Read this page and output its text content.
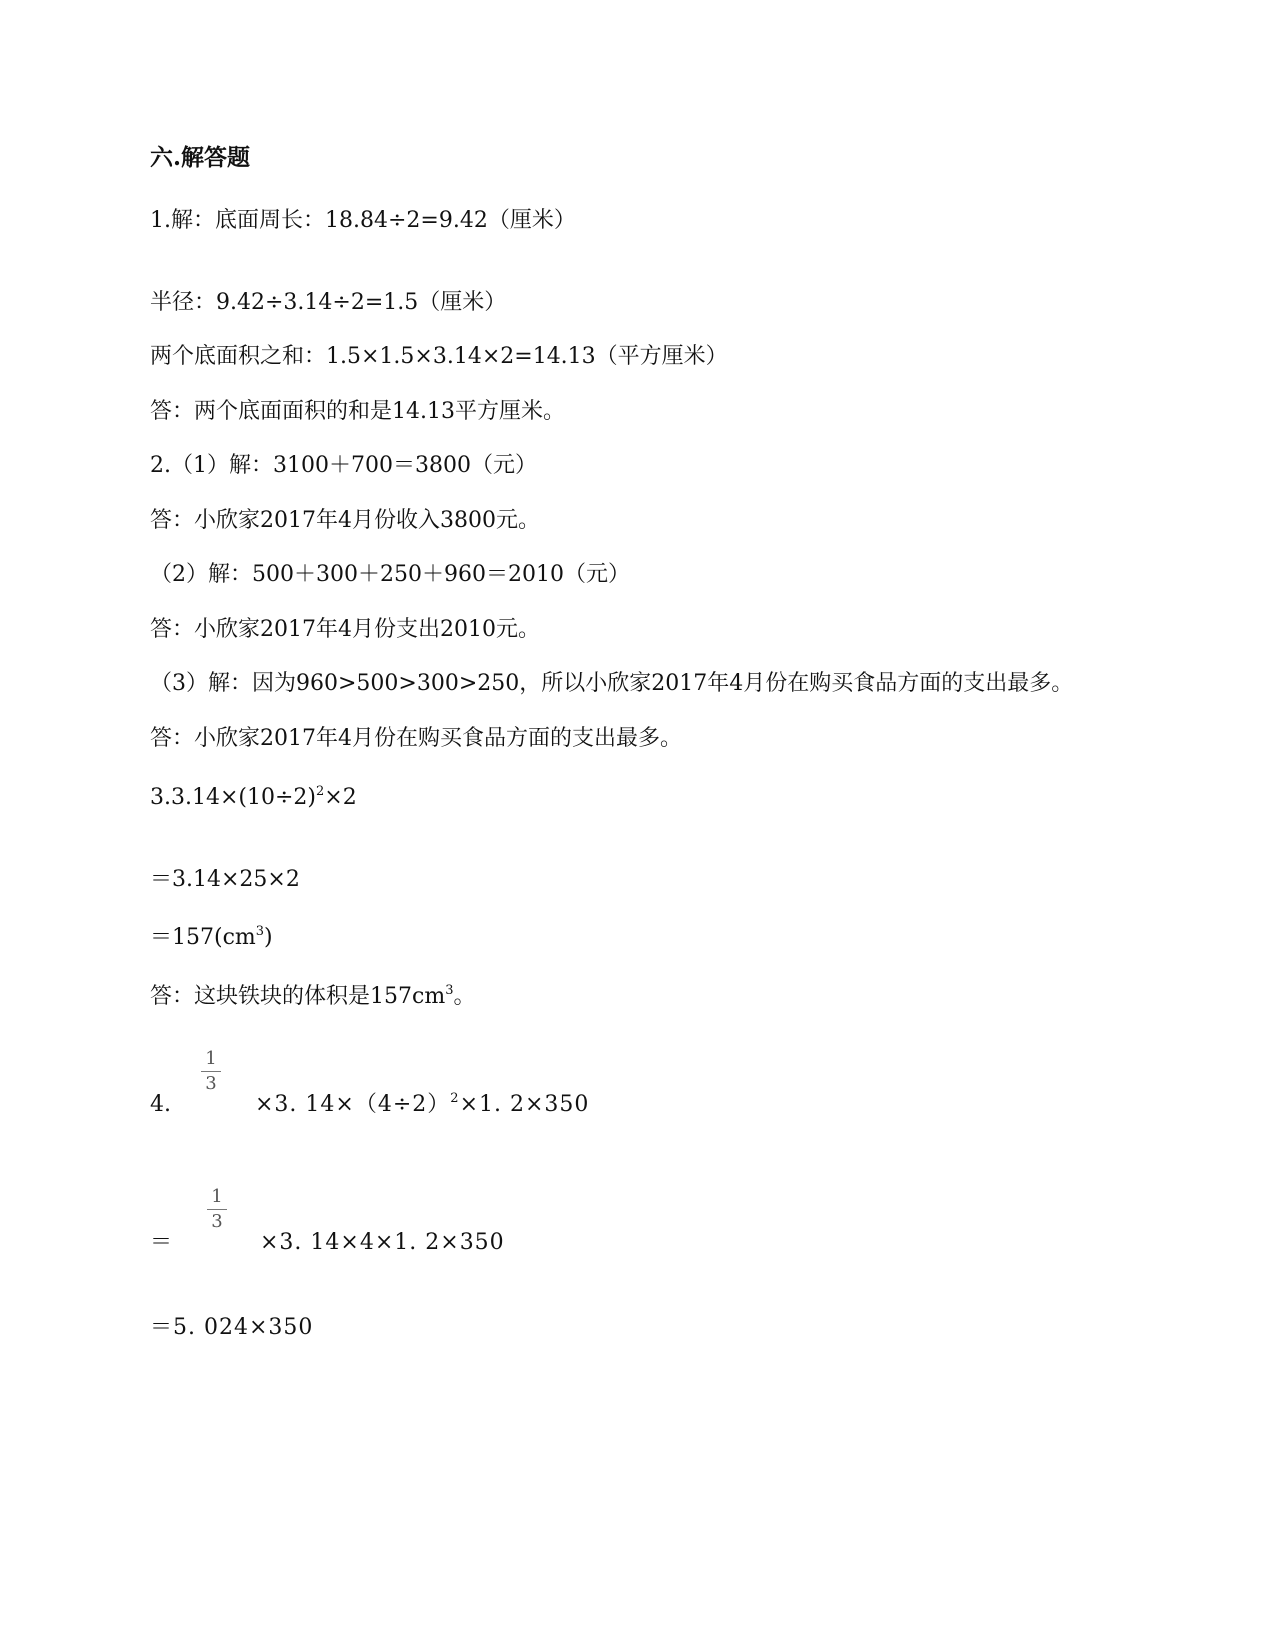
六.解答题
1.解：底面周长：18.84÷2=9.42（厘米）
半径：9.42÷3.14÷2=1.5（厘米）
两个底面积之和：1.5×1.5×3.14×2=14.13（平方厘米）
答：两个底面面积的和是14.13平方厘米。
2.（1）解：3100＋700＝3800（元）
答：小欣家2017年4月份收入3800元。
（2）解：500＋300＋250＋960＝2010（元）
答：小欣家2017年4月份支出2010元。
（3）解：因为960>500>300>250，所以小欣家2017年4月份在购买食品方面的支出最多。
答：小欣家2017年4月份在购买食品方面的支出最多。
$3.3.14\times(10\div 2)^2\times 2$
＝3.14×25×2
$=157(cm^3)$
答：这块铁块的体积是$157cm^3$。
4.
1
3
×3. $14\times(4\div 2)^2\times 1$. 2×350
＝
1
3
×3. 14×4×1. 2×350
＝5. 024×350
